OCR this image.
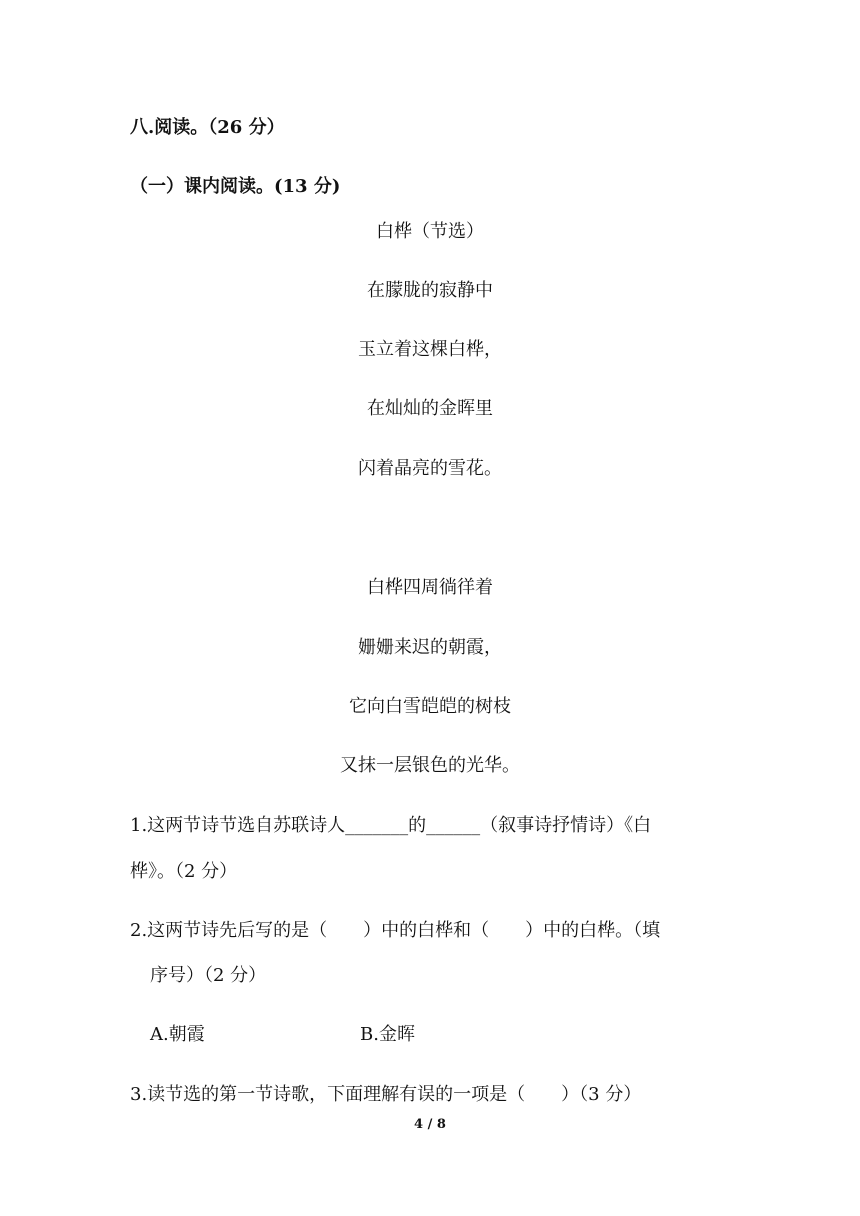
八.阅读。（26 分）
（一）课内阅读。(13 分)
白桦（节选）
在朦胧的寂静中
玉立着这棵白桦，
在灿灿的金晖里
闪着晶亮的雪花。
白桦四周徜徉着
姗姗来迟的朝霞，
它向白雪皑皑的树枝
又抹一层银色的光华。
1.这两节诗节选自苏联诗人_______的______（叙事诗抒情诗）《白
桦》。（2 分）
2.这两节诗先后写的是（　　）中的白桦和（　　）中的白桦。（填
序号）（2 分）
A.朝霞	B.金晖
3.读节选的第一节诗歌，下面理解有误的一项是（　　）（3 分）
4 / 8
